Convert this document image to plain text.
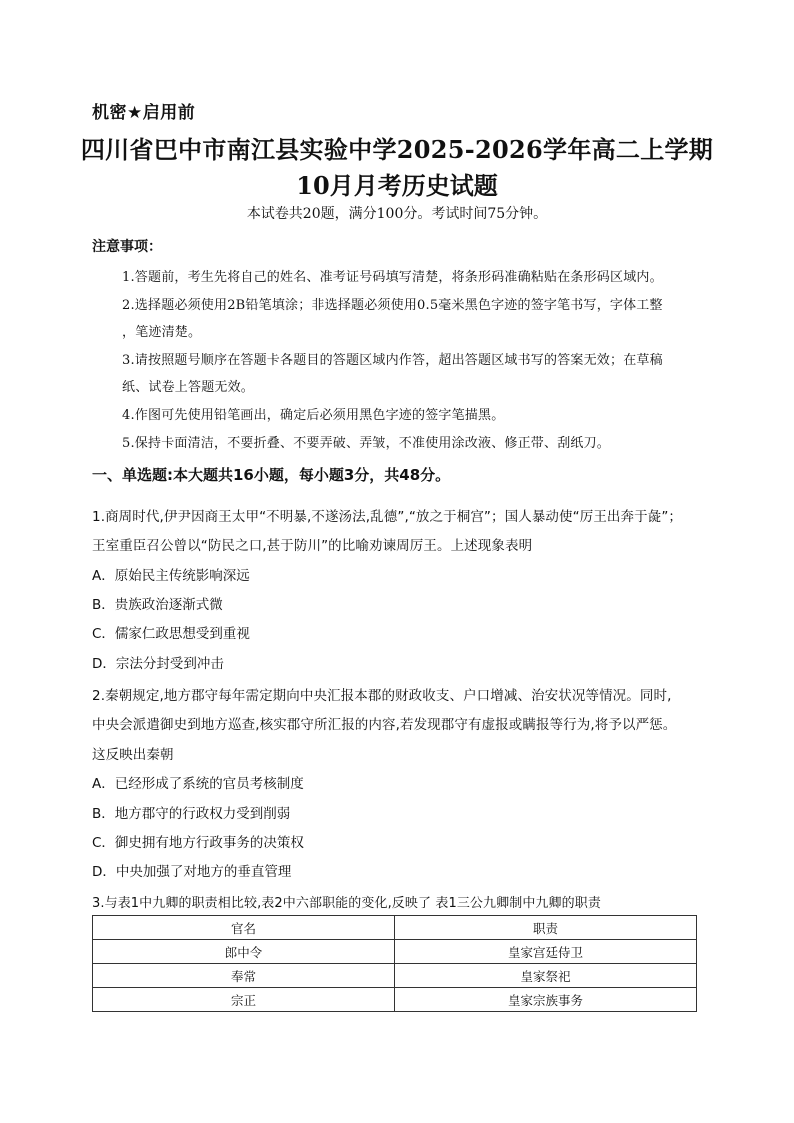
机密★启用前
四川省巴中市南江县实验中学2025-2026学年高二上学期
10月月考历史试题
本试卷共20题，满分100分。考试时间75分钟。
注意事项：
1.答题前，考生先将自己的姓名、准考证号码填写清楚，将条形码准确粘贴在条形码区域内。
2.选择题必须使用2B铅笔填涂；非选择题必须使用0.5毫米黑色字迹的签字笔书写，字体工整
，笔迹清楚。
3.请按照题号顺序在答题卡各题目的答题区域内作答，超出答题区域书写的答案无效；在草稿
纸、试卷上答题无效。
4.作图可先使用铅笔画出，确定后必须用黑色字迹的签字笔描黑。
5.保持卡面清洁，不要折叠、不要弄破、弄皱，不准使用涂改液、修正带、刮纸刀。
一、单选题:本大题共16小题，每小题3分，共48分。
1.商周时代,伊尹因商王太甲“不明暴,不遂汤法,乱德”,“放之于桐宫”；国人暴动使“厉王出奔于彘”；
王室重臣召公曾以“防民之口,甚于防川”的比喻劝谏周厉王。上述现象表明
A．原始民主传统影响深远
B．贵族政治逐渐式微
C．儒家仁政思想受到重视
D．宗法分封受到冲击
2.秦朝规定,地方郡守每年需定期向中央汇报本郡的财政收支、户口增减、治安状况等情况。同时,
中央会派遣御史到地方巡查,核实郡守所汇报的内容,若发现郡守有虚报或瞒报等行为,将予以严惩。
这反映出秦朝
A．已经形成了系统的官员考核制度
B．地方郡守的行政权力受到削弱
C．御史拥有地方行政事务的决策权
D．中央加强了对地方的垂直管理
3.与表1中九卿的职责相比较,表2中六部职能的变化,反映了 表1三公九卿制中九卿的职责
官名	职责
郎中令	皇家宫廷侍卫
奉常	皇家祭祀
宗正	皇家宗族事务
